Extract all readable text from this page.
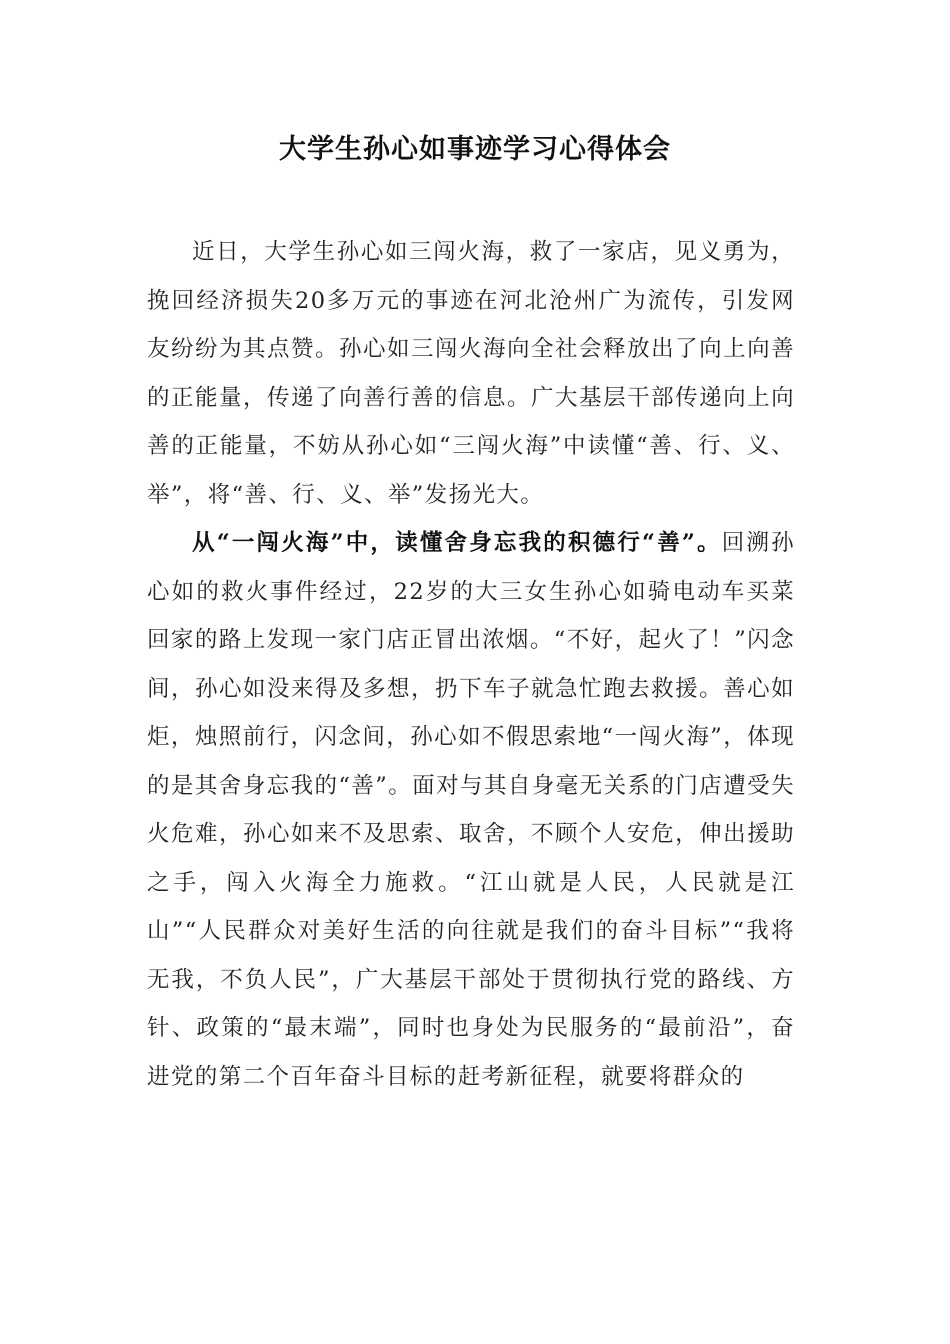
大学生孙心如事迹学习心得体会

近日，大学生孙心如三闯火海，救了一家店，见义勇为，挽回经济损失20多万元的事迹在河北沧州广为流传，引发网友纷纷为其点赞。孙心如三闯火海向全社会释放出了向上向善的正能量，传递了向善行善的信息。广大基层干部传递向上向善的正能量，不妨从孙心如“三闯火海”中读懂“善、行、义、举”，将“善、行、义、举”发扬光大。

从“一闯火海”中，读懂舍身忘我的积德行“善”。回溯孙心如的救火事件经过，22岁的大三女生孙心如骑电动车买菜回家的路上发现一家门店正冒出浓烟。“不好，起火了！”闪念间，孙心如没来得及多想，扔下车子就急忙跑去救援。善心如炬，烛照前行，闪念间，孙心如不假思索地“一闯火海”，体现的是其舍身忘我的“善”。面对与其自身毫无关系的门店遭受失火危难，孙心如来不及思索、取舍，不顾个人安危，伸出援助之手，闯入火海全力施救。“江山就是人民，人民就是江山”“人民群众对美好生活的向往就是我们的奋斗目标”“我将无我，不负人民”，广大基层干部处于贯彻执行党的路线、方针、政策的“最末端”，同时也身处为民服务的“最前沿”，奋进党的第二个百年奋斗目标的赶考新征程，就要将群众的
